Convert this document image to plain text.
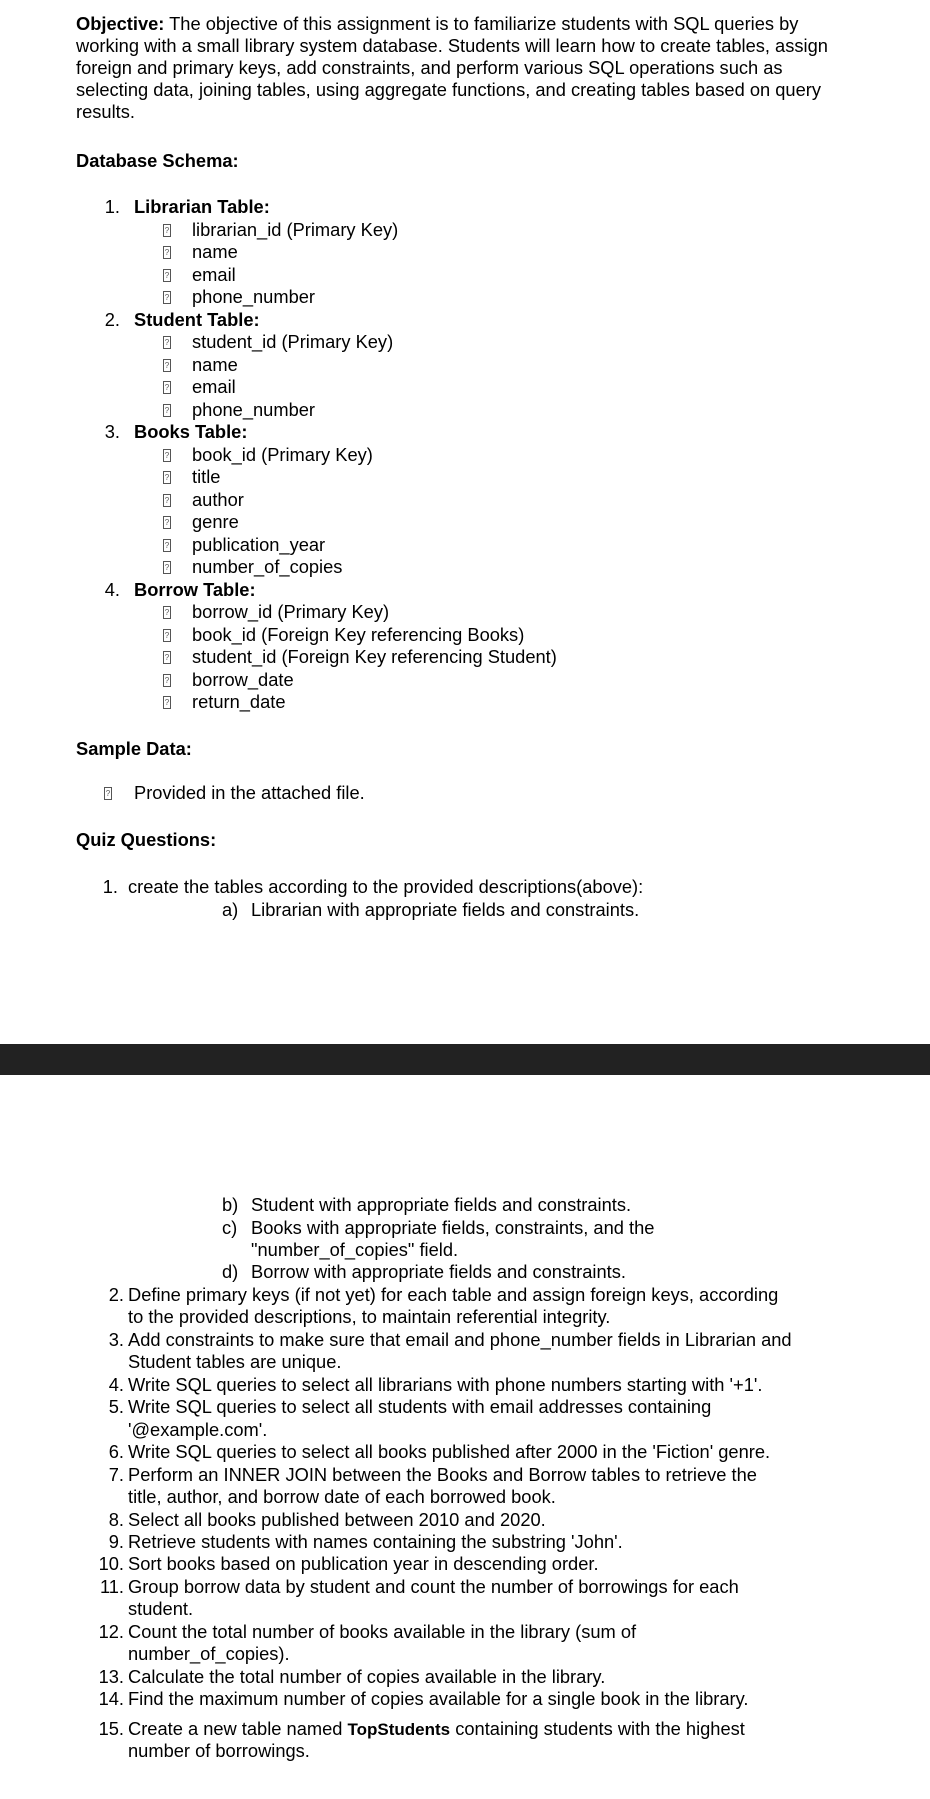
Objective: The objective of this assignment is to familiarize students with SQL queries by working with a small library system database. Students will learn how to create tables, assign foreign and primary keys, add constraints, and perform various SQL operations such as selecting data, joining tables, using aggregate functions, and creating tables based on query results.
Database Schema:
1. Librarian Table:
? librarian_id (Primary Key)
? name
? email
? phone_number
2. Student Table:
? student_id (Primary Key)
? name
? email
? phone_number
3. Books Table:
? book_id (Primary Key)
? title
? author
? genre
? publication_year
? number_of_copies
4. Borrow Table:
? borrow_id (Primary Key)
? book_id (Foreign Key referencing Books)
? student_id (Foreign Key referencing Student)
? borrow_date
? return_date
Sample Data:
? Provided in the attached file.
Quiz Questions:
1. create the tables according to the provided descriptions(above):
a) Librarian with appropriate fields and constraints.
b) Student with appropriate fields and constraints.
c) Books with appropriate fields, constraints, and the
"number_of_copies" field.
d) Borrow with appropriate fields and constraints.
2. Define primary keys (if not yet) for each table and assign foreign keys, according
to the provided descriptions, to maintain referential integrity.
3. Add constraints to make sure that email and phone_number fields in Librarian and
Student tables are unique.
4. Write SQL queries to select all librarians with phone numbers starting with '+1'.
5. Write SQL queries to select all students with email addresses containing
'@example.com'.
6. Write SQL queries to select all books published after 2000 in the 'Fiction' genre.
7. Perform an INNER JOIN between the Books and Borrow tables to retrieve the
title, author, and borrow date of each borrowed book.
8. Select all books published between 2010 and 2020.
9. Retrieve students with names containing the substring 'John'.
10. Sort books based on publication year in descending order.
11. Group borrow data by student and count the number of borrowings for each
student.
12. Count the total number of books available in the library (sum of
number_of_copies).
13. Calculate the total number of copies available in the library.
14. Find the maximum number of copies available for a single book in the library.
15. Create a new table named TopStudents containing students with the highest
number of borrowings.
